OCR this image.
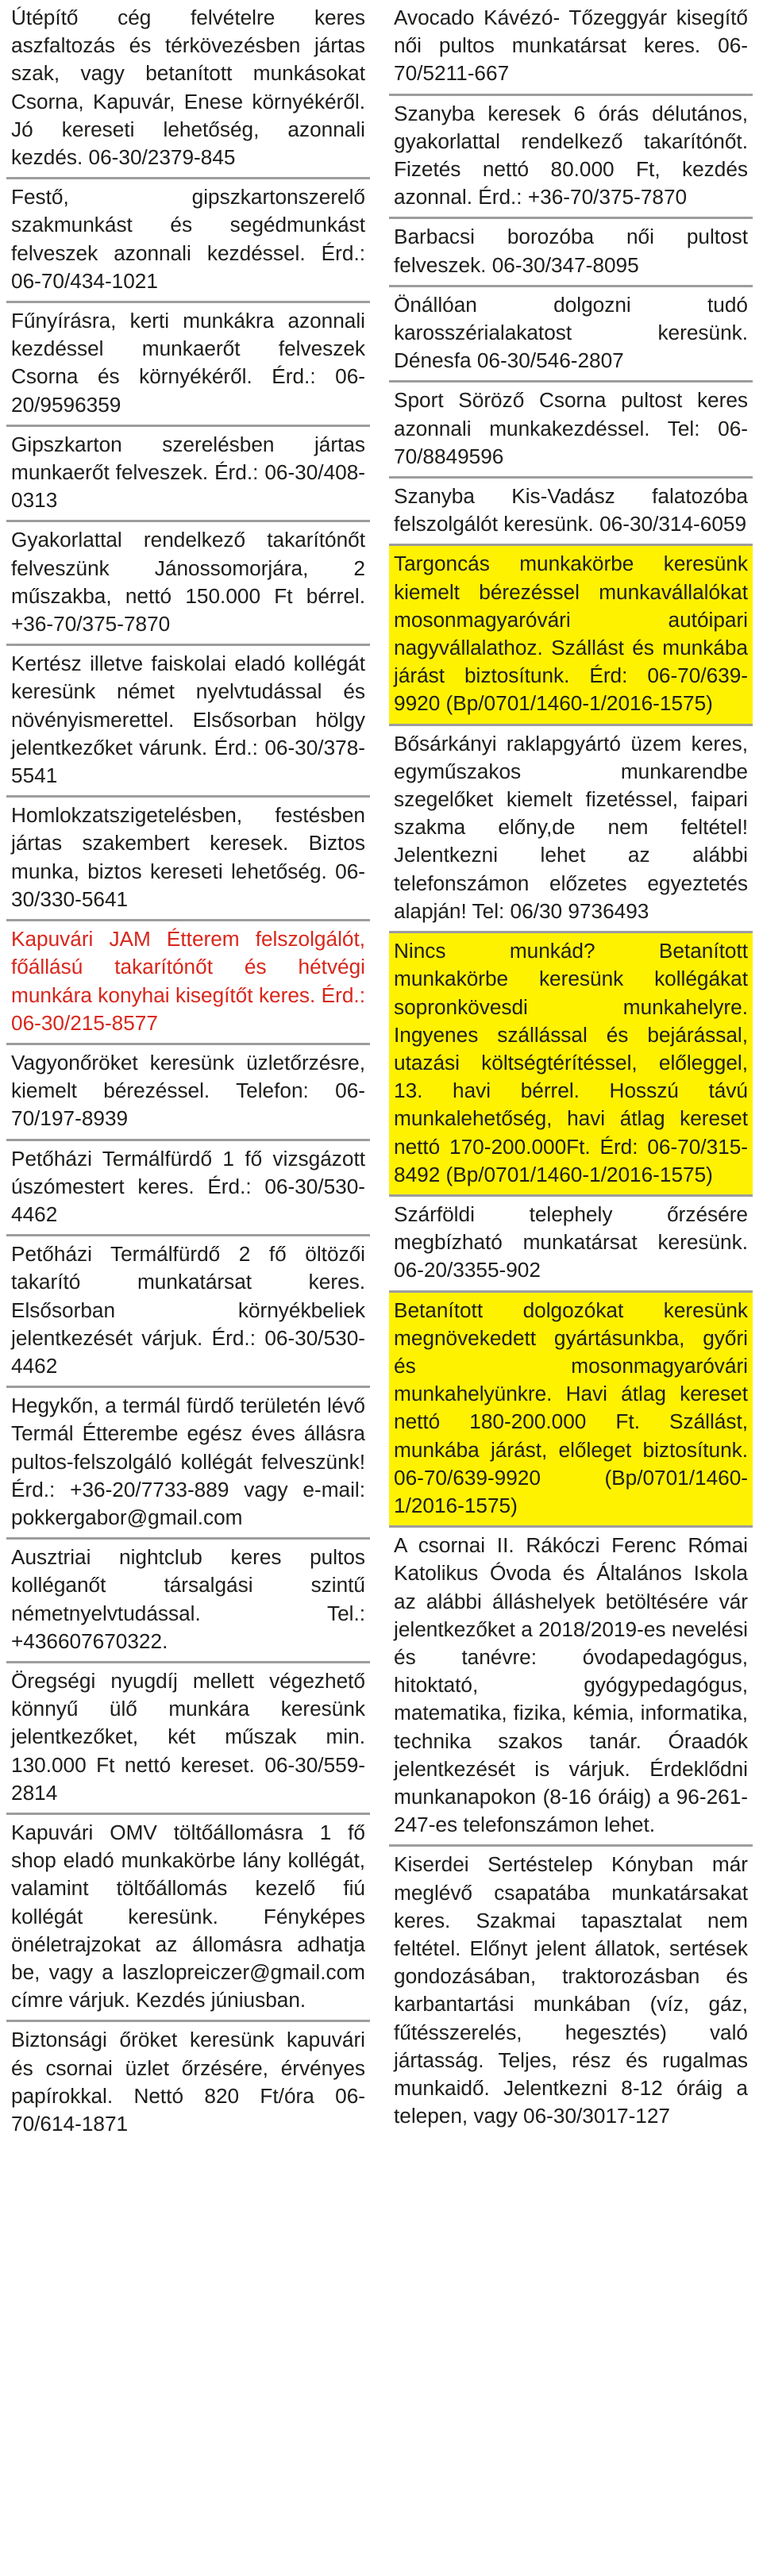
Útépítő cég felvételre keres aszfaltozás és térkövezésben jártas szak, vagy betanított munkásokat Csorna, Kapuvár, Enese környékéről. Jó kereseti lehetőség, azonnali kezdés. 06-30/2379-845
Festő, gipszkartonszerelő szakmunkást és segédmunkást felveszek azonnali kezdéssel. Érd.: 06-70/434-1021
Fűnyírásra, kerti munkákra azonnali kezdéssel munkaerőt felveszek Csorna és környékéről. Érd.: 06-20/9596359
Gipszkarton szerelésben jártas munkaerőt felveszek. Érd.: 06-30/408-0313
Gyakorlattal rendelkező takarítónőt felveszünk Jánossomorjára, 2 műszakba, nettó 150.000 Ft bérrel. +36-70/375-7870
Kertész illetve faiskolai eladó kollégát keresünk német nyelvtudással és növényismerettel. Elsősorban hölgy jelentkezőket várunk. Érd.: 06-30/378-5541
Homlokzatszigetelésben, festésben jártas szakembert keresek. Biztos munka, biztos kereseti lehetőség. 06-30/330-5641
Kapuvári JAM Étterem felszolgálót, főállású takarítónőt és hétvégi munkára konyhai kisegítőt keres. Érd.: 06-30/215-8577
Vagyonőröket keresünk üzletőrzésre, kiemelt bérezéssel. Telefon: 06-70/197-8939
Petőházi Termálfürdő 1 fő vizsgázott úszómestert keres. Érd.: 06-30/530-4462
Petőházi Termálfürdő 2 fő öltözői takarító munkatársat keres. Elsősorban környékbeliek jelentkezését várjuk. Érd.: 06-30/530-4462
Hegykőn, a termál fürdő területén lévő Termál Étterembe egész éves állásra pultos-felszolgáló kollégát felveszünk! Érd.: +36-20/7733-889 vagy e-mail: pokkergabor@gmail.com
Ausztriai nightclub keres pultos kolléganőt társalgási szintű németnyelvtudással. Tel.: +436607670322.
Öregségi nyugdíj mellett végezhető könnyű ülő munkára keresünk jelentkezőket, két műszak min. 130.000 Ft nettó kereset. 06-30/559-2814
Kapuvári OMV töltőállomásra 1 fő shop eladó munkakörbe lány kollégát, valamint töltőállomás kezelő fiú kollégát keresünk. Fényképes önéletrajzokat az állomásra adhatja be, vagy a laszlopreiczer@gmail.com címre várjuk. Kezdés júniusban.
Biztonsági őröket keresünk kapuvári és csornai üzlet őrzésére, érvényes papírokkal. Nettó 820 Ft/óra 06-70/614-1871
Avocado Kávézó- Tőzeggyár kisegítő női pultos munkatársat keres. 06-70/5211-667
Szanyba keresek 6 órás délutános, gyakorlattal rendelkező takarítónőt. Fizetés nettó 80.000 Ft, kezdés azonnal. Érd.: +36-70/375-7870
Barbacsi borozóba női pultost felveszek. 06-30/347-8095
Önállóan dolgozni tudó karosszérialakatost keresünk. Dénesfa 06-30/546-2807
Sport Söröző Csorna pultost keres azonnali munkakezdéssel. Tel: 06-70/8849596
Szanyba Kis-Vadász falatozóba felszolgálót keresünk. 06-30/314-6059
Targoncás munkakörbe keresünk kiemelt bérezéssel munkavállalókat mosonmagyaróvári autóipari nagyvállalathoz. Szállást és munkába járást biztosítunk. Érd: 06-70/639-9920 (Bp/0701/1460-1/2016-1575)
Bősárkányi raklapgyártó üzem keres, egyműszakos munkarendbe szegelőket kiemelt fizetéssel, faipari szakma előny,de nem feltétel! Jelentkezni lehet az alábbi telefonszámon előzetes egyeztetés alapján! Tel: 06/30 9736493
Nincs munkád? Betanított munkakörbe keresünk kollégákat sopronkövesdi munkahelyre. Ingyenes szállással és bejárással, utazási költségtérítéssel, előleggel, 13. havi bérrel. Hosszú távú munkalehetőség, havi átlag kereset nettó 170-200.000Ft. Érd: 06-70/315-8492 (Bp/0701/1460-1/2016-1575)
Szárföldi telephely őrzésére megbízható munkatársat keresünk. 06-20/3355-902
Betanított dolgozókat keresünk megnövekedett gyártásunkba, győri és mosonmagyaróvári munkahelyünkre. Havi átlag kereset nettó 180-200.000 Ft. Szállást, munkába járást, előleget biztosítunk. 06-70/639-9920 (Bp/0701/1460-1/2016-1575)
A csornai II. Rákóczi Ferenc Római Katolikus Óvoda és Általános Iskola az alábbi álláshelyek betöltésére vár jelentkezőket a 2018/2019-es nevelési és tanévre: óvodapedagógus, hitoktató, gyógypedagógus, matematika, fizika, kémia, informatika, technika szakos tanár. Óraadók jelentkezését is várjuk. Érdeklődni munkanapokon (8-16 óráig) a 96-261-247-es telefonszámon lehet.
Kiserdei Sertéstelep Kónyban már meglévő csapatába munkatársakat keres. Szakmai tapasztalat nem feltétel. Előnyt jelent állatok, sertések gondozásában, traktorozásban és karbantartási munkában (víz, gáz, fűtésszerelés, hegesztés) való jártasság. Teljes, rész és rugalmas munkaidő. Jelentkezni 8-12 óráig a telepen, vagy 06-30/3017-127
